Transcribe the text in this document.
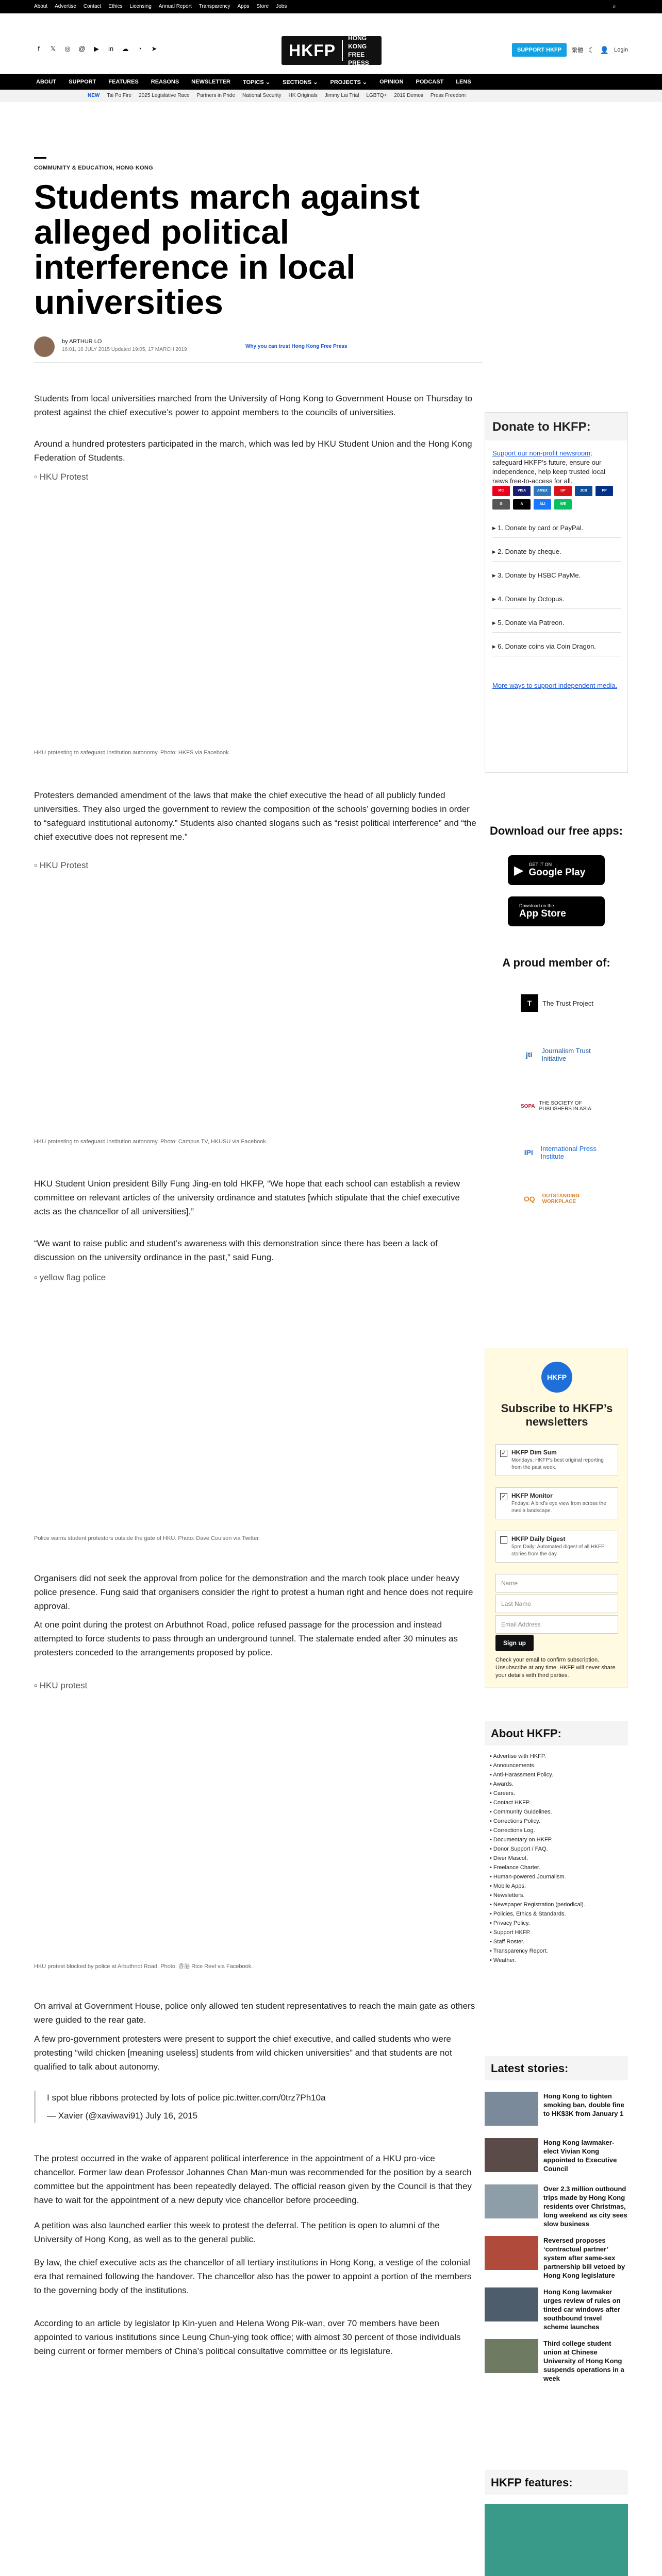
About Advertise Contact Ethics Licensing Annual Report Transparency Apps Store Jobs	⌕
f	𝕏 ◎ @	▶	in	☁	◔	➤	HKFP
HONG KONG
FREE PRESS
SUPPORT HKFP	繁體 ☾ 👤 Login
ABOUT SUPPORT FEATURES REASONS NEWSLETTER TOPICS ⌄ SECTIONS ⌄ PROJECTS ⌄ OPINION PODCAST LENS
NEW Tai Po Fire 2025 Legislative Race Partners in Pride National Security HK Originals Jimmy Lai Trial LGBTQ+ 2019 Demos Press Freedom
COMMUNITY & EDUCATION, HONG KONG
Students march against alleged political interference in local universities
by ARTHUR LO
16:01, 16 JULY 2015 Updated 19:05, 17 MARCH 2019
Why you can trust Hong Kong Free Press

Students from local universities marched from the University of Hong Kong to Government House on Thursday to protest against the chief executive’s power to appoint members to the councils of universities.

Around a hundred protesters participated in the march, which was led by HKU Student Union and the Hong Kong Federation of Students.

▫ HKU Protest
HKU protesting to safeguard institution autonomy. Photo: HKFS via Facebook.

Protesters demanded amendment of the laws that make the chief executive the head of all publicly funded universities. They also urged the government to review the composition of the schools’ governing bodies in order to “safeguard institutional autonomy.” Students also chanted slogans such as “resist political interference” and “the chief executive does not represent me.”

▫ HKU Protest
HKU protesting to safeguard institution autonomy. Photo: Campus TV, HKUSU via Facebook.

HKU Student Union president Billy Fung Jing-en told HKFP, “We hope that each school can establish a review committee on relevant articles of the university ordinance and statutes [which stipulate that the chief executive acts as the chancellor of all universities].”

“We want to raise public and student’s awareness with this demonstration since there has been a lack of discussion on the university ordinance in the past,” said Fung.

▫ yellow flag police
Police warns student protestors outside the gate of HKU. Photo: Dave Coulson via Twitter.

Organisers did not seek the approval from police for the demonstration and the march took place under heavy police presence. Fung said that organisers consider the right to protest a human right and hence does not require approval.

At one point during the protest on Arbuthnot Road, police refused passage for the procession and instead attempted to force students to pass through an underground tunnel. The stalemate ended after 30 minutes as protesters conceded to the arrangements proposed by police.

▫ HKU protest
HKU protest blocked by police at Arbuthnot Road. Photo: 香港 Rice Reel via Facebook.

On arrival at Government House, police only allowed ten student representatives to reach the main gate as others were guided to the rear gate.

A few pro-government protesters were present to support the chief executive, and called students who were protesting “wild chicken [meaning useless] students from wild chicken universities” and that students are not qualified to talk about autonomy.

I spot blue ribbons protected by lots of police pic.twitter.com/0trz7Ph10a
— Xavier (@xaviwavi91) July 16, 2015

The protest occurred in the wake of apparent political interference in the appointment of a HKU pro-vice chancellor. Former law dean Professor Johannes Chan Man-mun was recommended for the position by a search committee but the appointment has been repeatedly delayed. The official reason given by the Council is that they have to wait for the appointment of a new deputy vice chancellor before proceeding.

A petition was also launched earlier this week to protest the deferral. The petition is open to alumni of the University of Hong Kong, as well as to the general public.

By law, the chief executive acts as the chancellor of all tertiary institutions in Hong Kong, a vestige of the colonial era that remained following the handover. The chancellor also has the power to appoint a portion of the members to the governing body of the institutions.

According to an article by legislator Ip Kin-yuen and Helena Wong Pik-wan, over 70 members have been appointed to various institutions since Leung Chun-ying took office; with almost 30 percent of those individuals being current or former members of China’s political consultative committee or its legislature.

Donate to HKFP:
Support our non-profit newsroom; safeguard HKFP’s future, ensure our independence, help keep trusted local news free-to-access for all.
MC	VISA	AMEX	UP	JCB	PP
G	A	ALI	WE
▸ 1. Donate by card or PayPal.
▸ 2. Donate by cheque.
▸ 3. Donate by HSBC PayMe.
▸ 4. Donate by Octopus.
▸ 5. Donate via Patreon.
▸ 6. Donate coins via Coin Dragon.
More ways to support independent media.
Download our free apps:
▶ GET IT ON
Google Play
Download on the
App Store
A proud member of:
T	The Trust Project
jti	Journalism Trust Initiative
SOPA THE SOCIETY OF PUBLISHERS IN ASIA
IPI	International Press Institute
OQ	OUTSTANDING WORKPLACE
HKFP
Subscribe to HKFP’s newsletters
✓ HKFP Dim Sum
Mondays: HKFP’s best original reporting from the past week.
✓ HKFP Monitor
Fridays: A bird’s eye view from across the media landscape.
HKFP Daily Digest
5pm Daily: Automated digest of all HKFP stories from the day.
Name
Last Name
Email Address
Sign up
Check your email to confirm subscription. Unsubscribe at any time. HKFP will never share your details with third parties.
About HKFP:
• Advertise with HKFP.
• Announcements.
• Anti-Harassment Policy.
• Awards.
• Careers.
• Contact HKFP.
• Community Guidelines.
• Corrections Policy.
• Corrections Log.
• Documentary on HKFP.
• Donor Support / FAQ.
• Diver Mascot.
• Freelance Charter.
• Human-powered Journalism.
• Mobile Apps.
• Newsletters.
• Newspaper Registration (periodical).
• Policies, Ethics & Standards.
• Privacy Policy.
• Support HKFP.
• Staff Roster.
• Transparency Report.
• Weather.
Latest stories:
Hong Kong to tighten smoking ban, double fine to HK$3K from January 1
Hong Kong lawmaker-elect Vivian Kong appointed to Executive Council
Over 2.3 million outbound trips made by Hong Kong residents over Christmas, long weekend as city sees slow business
Reversed proposes ‘contractual partner’ system after same-sex partnership bill vetoed by Hong Kong legislature
Hong Kong lawmaker urges review of rules on tinted car windows after southbound travel scheme launches
Third college student union at Chinese University of Hong Kong suspends operations in a week
HKFP features:
